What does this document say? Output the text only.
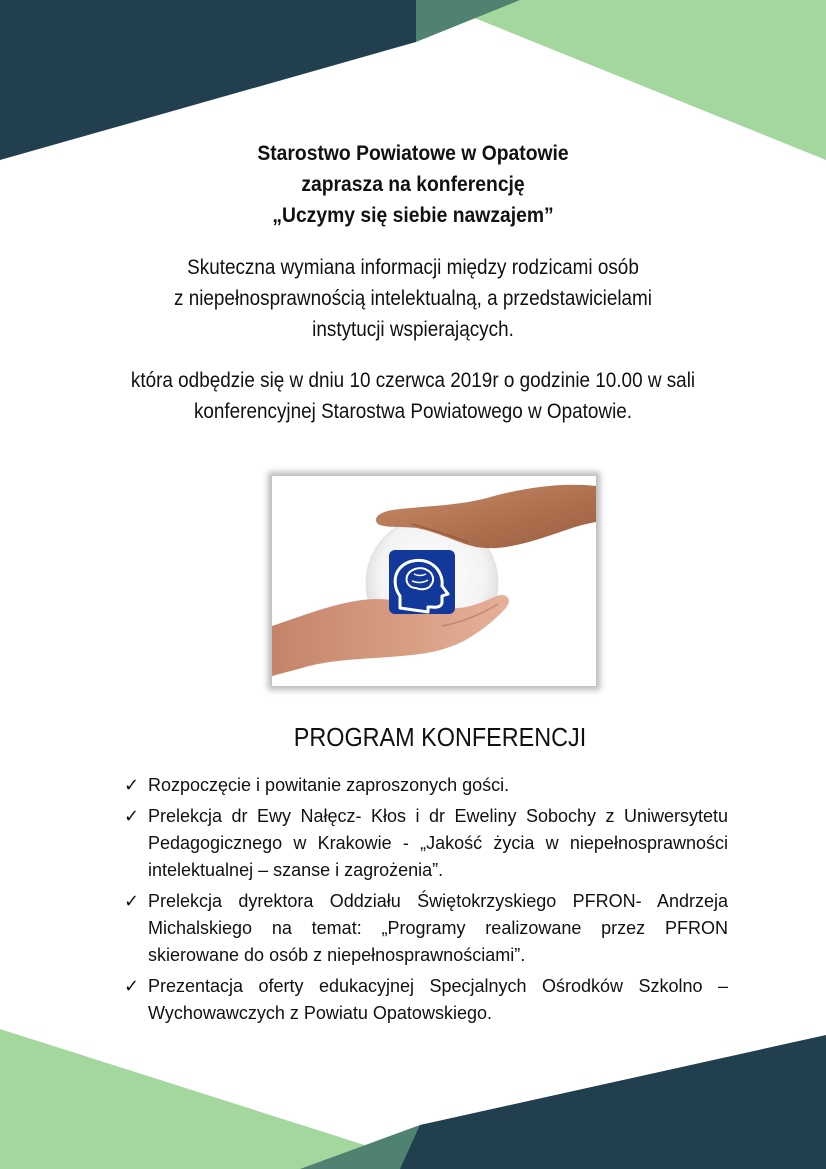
Starostwo Powiatowe w Opatowie
zaprasza na konferencję
„Uczymy się siebie nawzajem”
Skuteczna wymiana informacji między rodzicami osób
z niepełnosprawnością intelektualną, a przedstawicielami
instytucji wspierających.
która odbędzie się w dniu 10 czerwca 2019r o godzinie 10.00 w sali
konferencyjnej Starostwa Powiatowego w Opatowie.
PROGRAM KONFERENCJI
✓ Rozpoczęcie i powitanie zaproszonych gości.
✓ Prelekcja dr Ewy Nałęcz- Kłos i dr Eweliny Sobochy z Uniwersytetu Pedagogicznego w Krakowie - „Jakość życia w niepełnosprawności intelektualnej – szanse i zagrożenia”.
✓ Prelekcja dyrektora Oddziału Świętokrzyskiego PFRON- Andrzeja Michalskiego na temat: „Programy realizowane przez PFRON skierowane do osób z niepełnosprawnościami”.
✓ Prezentacja oferty edukacyjnej Specjalnych Ośrodków Szkolno – Wychowawczych z Powiatu Opatowskiego.
